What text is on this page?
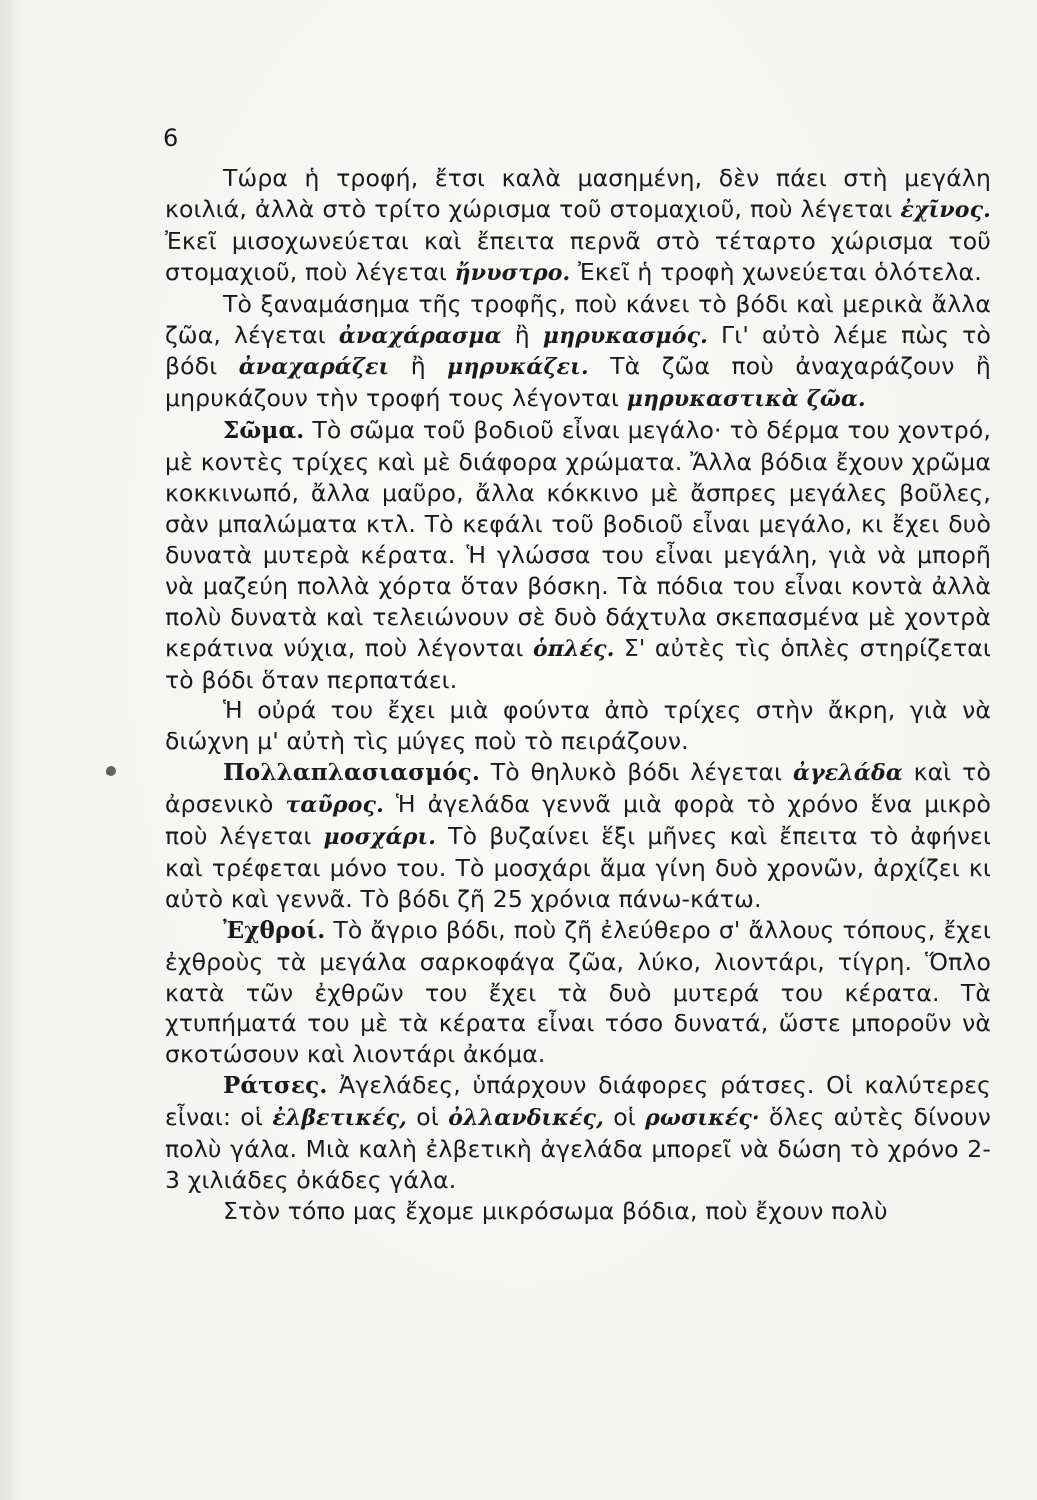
6

Τώρα ἡ τροφή, ἔτσι καλὰ μασημένη, δὲν πάει στὴ μεγάλη κοιλιά, ἀλλὰ στὸ τρίτο χώρισμα τοῦ στομαχιοῦ, ποὺ λέγεται ἐχῖνος. Ἐκεῖ μισοχωνεύεται καὶ ἔπειτα περνᾶ στὸ τέταρτο χώρισμα τοῦ στομαχιοῦ, ποὺ λέγεται ἤνυστρο. Ἐκεῖ ἡ τροφὴ χωνεύεται ὁλότελα.

Τὸ ξαναμάσημα τῆς τροφῆς, ποὺ κάνει τὸ βόδι καὶ μερικὰ ἄλλα ζῶα, λέγεται ἀναχάρασμα ἢ μηρυκασμός. Γι' αὐτὸ λέμε πὼς τὸ βόδι ἀναχαράζει ἢ μηρυκάζει. Τὰ ζῶα ποὺ ἀναχαράζουν ἢ μηρυκάζουν τὴν τροφή τους λέγονται μηρυκαστικὰ ζῶα.

Σῶμα. Τὸ σῶμα τοῦ βοδιοῦ εἶναι μεγάλο· τὸ δέρμα του χοντρό, μὲ κοντὲς τρίχες καὶ μὲ διάφορα χρώματα. Ἄλλα βόδια ἔχουν χρῶμα κοκκινωπό, ἄλλα μαῦρο, ἄλλα κόκκινο μὲ ἄσπρες μεγάλες βοῦλες, σὰν μπαλώματα κτλ. Τὸ κεφάλι τοῦ βοδιοῦ εἶναι μεγάλο, κι ἔχει δυὸ δυνατὰ μυτερὰ κέρατα. Ἡ γλώσσα του εἶναι μεγάλη, γιὰ νὰ μπορῆ νὰ μαζεύη πολλὰ χόρτα ὅταν βόσκη. Τὰ πόδια του εἶναι κοντὰ ἀλλὰ πολὺ δυνατὰ καὶ τελειώνουν σὲ δυὸ δάχτυλα σκεπασμένα μὲ χοντρὰ κεράτινα νύχια, ποὺ λέγονται ὁπλές. Σ' αὐτὲς τὶς ὁπλὲς στηρίζεται τὸ βόδι ὅταν περπατάει.

Ἡ οὐρά του ἔχει μιὰ φούντα ἀπὸ τρίχες στὴν ἄκρη, γιὰ νὰ διώχνη μ' αὐτὴ τὶς μύγες ποὺ τὸ πειράζουν.

Πολλαπλασιασμός. Τὸ θηλυκὸ βόδι λέγεται ἀγελάδα καὶ τὸ ἀρσενικὸ ταῦρος. Ἡ ἀγελάδα γεννᾶ μιὰ φορὰ τὸ χρόνο ἕνα μικρὸ ποὺ λέγεται μοσχάρι. Τὸ βυζαίνει ἕξι μῆνες καὶ ἔπειτα τὸ ἀφήνει καὶ τρέφεται μόνο του. Τὸ μοσχάρι ἅμα γίνη δυὸ χρονῶν, ἀρχίζει κι αὐτὸ καὶ γεννᾶ. Τὸ βόδι ζῆ 25 χρόνια πάνω-κάτω.

Ἐχθροί. Τὸ ἄγριο βόδι, ποὺ ζῆ ἐλεύθερο σ' ἄλλους τόπους, ἔχει ἐχθροὺς τὰ μεγάλα σαρκοφάγα ζῶα, λύκο, λιοντάρι, τίγρη. Ὅπλο κατὰ τῶν ἐχθρῶν του ἔχει τὰ δυὸ μυτερά του κέρατα. Τὰ χτυπήματά του μὲ τὰ κέρατα εἶναι τόσο δυνατά, ὥστε μποροῦν νὰ σκοτώσουν καὶ λιοντάρι ἀκόμα.

Ράτσες. Ἀγελάδες, ὑπάρχουν διάφορες ράτσες. Οἱ καλύτερες εἶναι: οἱ ἐλβετικές, οἱ ὀλλανδικές, οἱ ρωσικές· ὅλες αὐτὲς δίνουν πολὺ γάλα. Μιὰ καλὴ ἐλβετικὴ ἀγελάδα μπορεῖ νὰ δώση τὸ χρόνο 2-3 χιλιάδες ὀκάδες γάλα.

Στὸν τόπο μας ἔχομε μικρόσωμα βόδια, ποὺ ἔχουν πολὺ
